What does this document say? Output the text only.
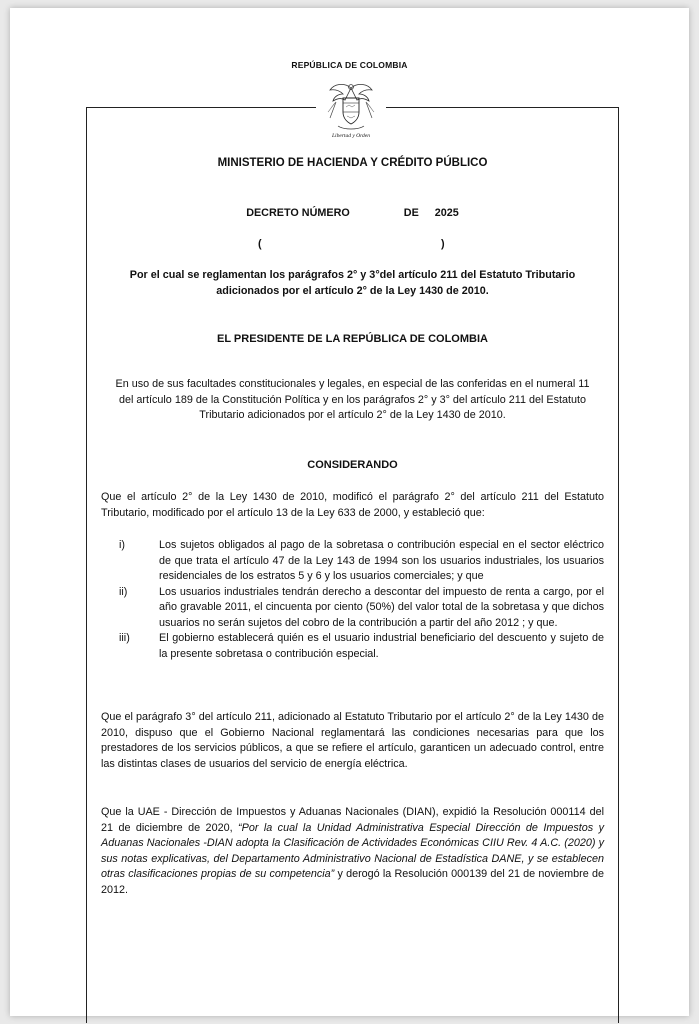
REPÚBLICA DE COLOMBIA
Libertad y Orden
MINISTERIO DE HACIENDA Y CRÉDITO PÚBLICO
DECRETO NÚMERO	DE 2025
(	)
Por el cual se reglamentan los parágrafos 2° y 3°del artículo 211 del Estatuto Tributario adicionados por el artículo 2° de la Ley 1430 de 2010.
EL PRESIDENTE DE LA REPÚBLICA DE COLOMBIA
En uso de sus facultades constitucionales y legales, en especial de las conferidas en el numeral 11 del artículo 189 de la Constitución Política y en los parágrafos 2° y 3° del artículo 211 del Estatuto Tributario adicionados por el artículo 2° de la Ley 1430 de 2010.
CONSIDERANDO
Que el artículo 2° de la Ley 1430 de 2010, modificó el parágrafo 2° del artículo 211 del Estatuto Tributario, modificado por el artículo 13 de la Ley 633 de 2000, y estableció que:
i)	Los sujetos obligados al pago de la sobretasa o contribución especial en el sector eléctrico de que trata el artículo 47 de la Ley 143 de 1994 son los usuarios industriales, los usuarios residenciales de los estratos 5 y 6 y los usuarios comerciales; y que
ii)	Los usuarios industriales tendrán derecho a descontar del impuesto de renta a cargo, por el año gravable 2011, el cincuenta por ciento (50%) del valor total de la sobretasa y que dichos usuarios no serán sujetos del cobro de la contribución a partir del año 2012 ; y que.
iii)	El gobierno establecerá quién es el usuario industrial beneficiario del descuento y sujeto de la presente sobretasa o contribución especial.
Que el parágrafo 3° del artículo 211, adicionado al Estatuto Tributario por el artículo 2° de la Ley 1430 de 2010, dispuso que el Gobierno Nacional reglamentará las condiciones necesarias para que los prestadores de los servicios públicos, a que se refiere el artículo, garanticen un adecuado control, entre las distintas clases de usuarios del servicio de energía eléctrica.
Que la UAE - Dirección de Impuestos y Aduanas Nacionales (DIAN), expidió la Resolución 000114 del 21 de diciembre de 2020, “Por la cual la Unidad Administrativa Especial Dirección de Impuestos y Aduanas Nacionales -DIAN adopta la Clasificación de Actividades Económicas CIIU Rev. 4 A.C. (2020) y sus notas explicativas, del Departamento Administrativo Nacional de Estadística DANE, y se establecen otras clasificaciones propias de su competencia” y derogó la Resolución 000139 del 21 de noviembre de 2012.
